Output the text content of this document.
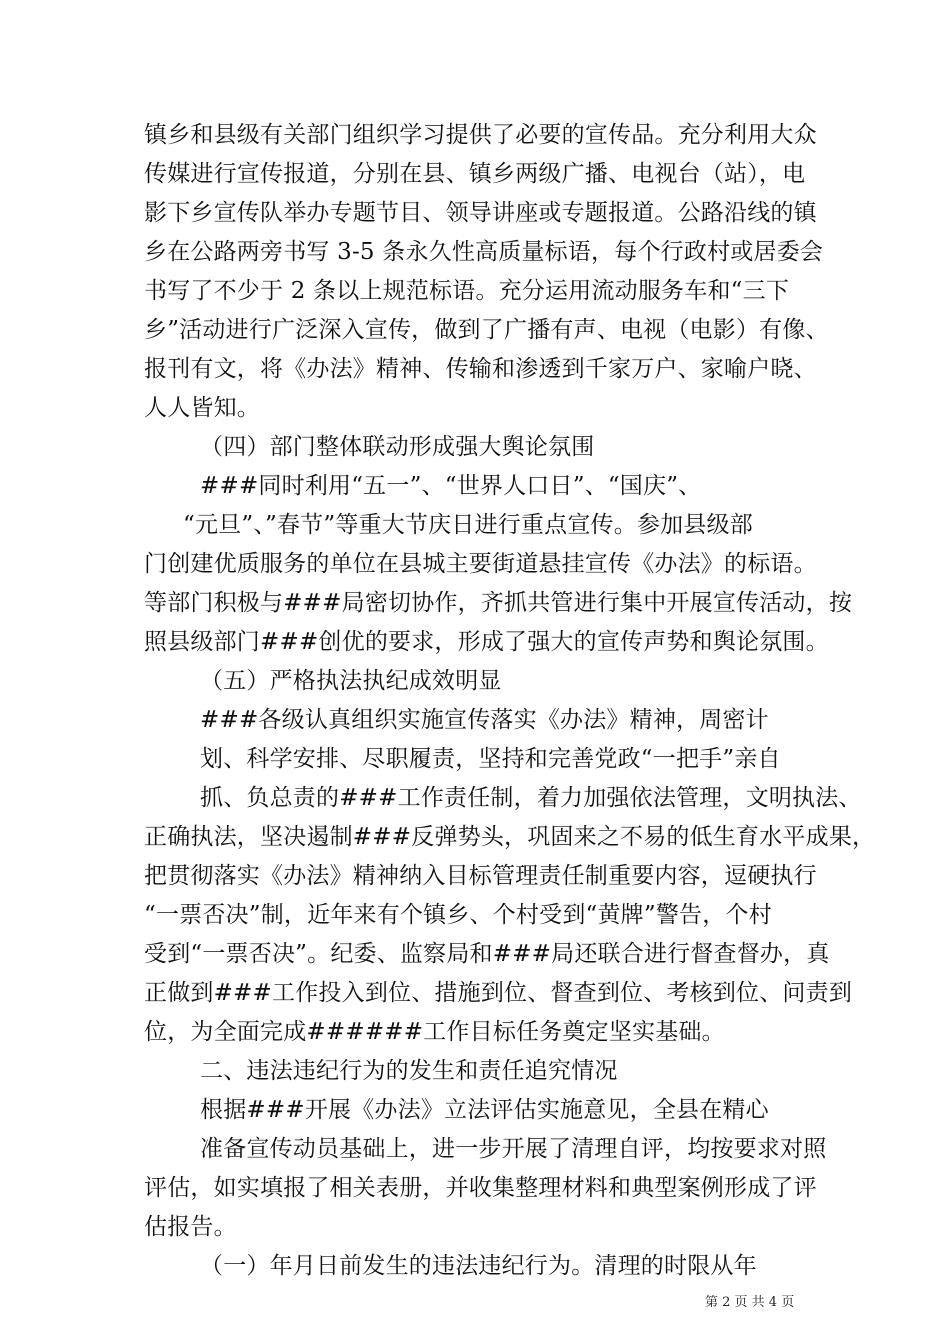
镇乡和县级有关部门组织学习提供了必要的宣传品。充分利用大众
传媒进行宣传报道，分别在县、镇乡两级广播、电视台（站），电
影下乡宣传队举办专题节目、领导讲座或专题报道。公路沿线的镇
乡在公路两旁书写 3-5 条永久性高质量标语，每个行政村或居委会
书写了不少于 2 条以上规范标语。充分运用流动服务车和“三下
乡”活动进行广泛深入宣传，做到了广播有声、电视（电影）有像、
报刊有文，将《办法》精神、传输和渗透到千家万户、家喻户晓、
人人皆知。
（四）部门整体联动形成强大舆论氛围
###同时利用“五一”、“世界人口日”、“国庆”、
“元旦”、”春节”等重大节庆日进行重点宣传。参加县级部
门创建优质服务的单位在县城主要街道悬挂宣传《办法》的标语。
等部门积极与###局密切协作，齐抓共管进行集中开展宣传活动，按
照县级部门###创优的要求，形成了强大的宣传声势和舆论氛围。
（五）严格执法执纪成效明显
###各级认真组织实施宣传落实《办法》精神，周密计
划、科学安排、尽职履责，坚持和完善党政“一把手”亲自
抓、负总责的###工作责任制，着力加强依法管理，文明执法、
正确执法，坚决遏制###反弹势头，巩固来之不易的低生育水平成果，
把贯彻落实《办法》精神纳入目标管理责任制重要内容，逗硬执行
“一票否决”制，近年来有个镇乡、个村受到“黄牌”警告，个村
受到“一票否决”。纪委、监察局和###局还联合进行督查督办，真
正做到###工作投入到位、措施到位、督查到位、考核到位、问责到
位，为全面完成######工作目标任务奠定坚实基础。
二、违法违纪行为的发生和责任追究情况
根据###开展《办法》立法评估实施意见，全县在精心
准备宣传动员基础上，进一步开展了清理自评，均按要求对照
评估，如实填报了相关表册，并收集整理材料和典型案例形成了评
估报告。
（一）年月日前发生的违法违纪行为。清理的时限从年
第 2 页 共 4 页
